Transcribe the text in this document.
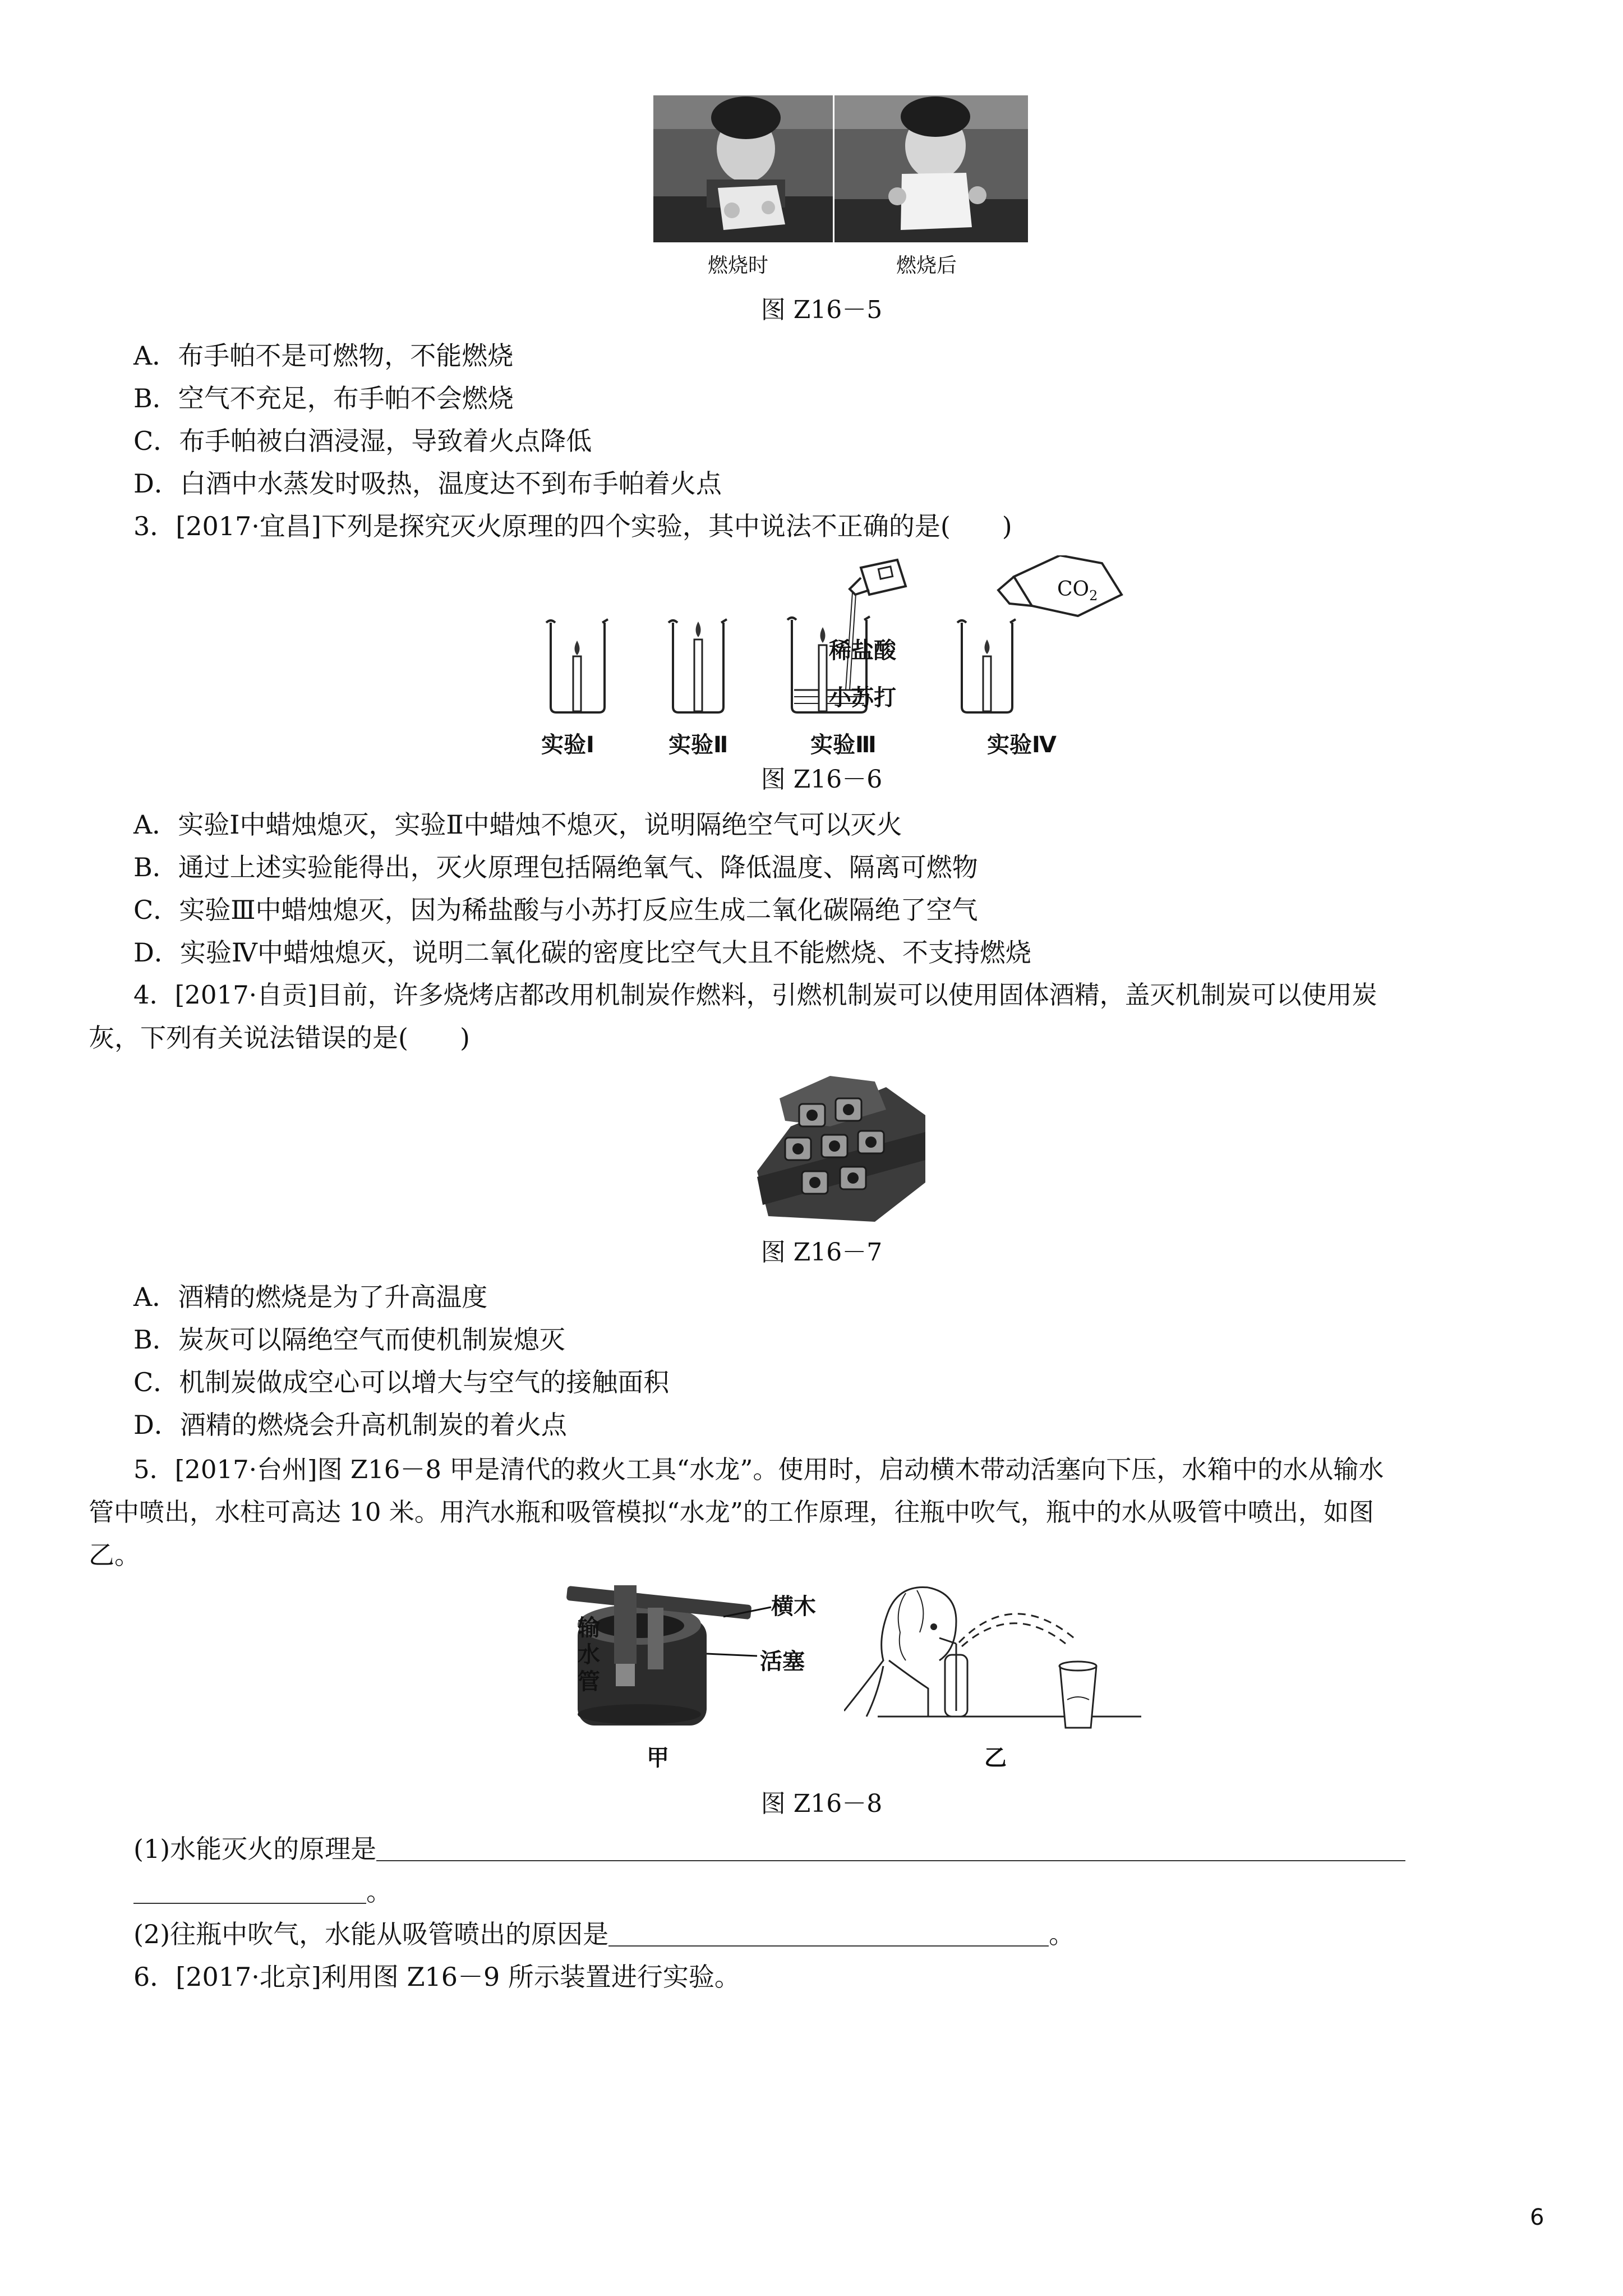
燃烧时	燃烧后
图 Z16－5
A．布手帕不是可燃物，不能燃烧
B．空气不充足，布手帕不会燃烧
C．布手帕被白酒浸湿，导致着火点降低
D．白酒中水蒸发时吸热，温度达不到布手帕着火点
3．[2017·宜昌]下列是探究灭火原理的四个实验，其中说法不正确的是(　　)
稀盐酸
小苏打
$CO_2$
实验Ⅰ	实验Ⅱ	实验Ⅲ	实验Ⅳ
图 Z16－6
A．实验Ⅰ中蜡烛熄灭，实验Ⅱ中蜡烛不熄灭，说明隔绝空气可以灭火
B．通过上述实验能得出，灭火原理包括隔绝氧气、降低温度、隔离可燃物
C．实验Ⅲ中蜡烛熄灭，因为稀盐酸与小苏打反应生成二氧化碳隔绝了空气
D．实验Ⅳ中蜡烛熄灭，说明二氧化碳的密度比空气大且不能燃烧、不支持燃烧
4．[2017·自贡]目前，许多烧烤店都改用机制炭作燃料，引燃机制炭可以使用固体酒精，盖灭机制炭可以使用炭
灰，下列有关说法错误的是(　　)
图 Z16－7
A．酒精的燃烧是为了升高温度
B．炭灰可以隔绝空气而使机制炭熄灭
C．机制炭做成空心可以增大与空气的接触面积
D．酒精的燃烧会升高机制炭的着火点
5．[2017·台州]图 Z16－8 甲是清代的救火工具“水龙”。使用时，启动横木带动活塞向下压，水箱中的水从输水
管中喷出，水柱可高达 10 米。用汽水瓶和吸管模拟“水龙”的工作原理，往瓶中吹气，瓶中的水从吸管中喷出，如图
乙。
横木
输
水
管
活塞
甲	乙
图 Z16－8
(1)水能灭火的原理是
。
(2)往瓶中吹气，水能从吸管喷出的原因是	。
6．[2017·北京]利用图 Z16－9 所示装置进行实验。
6
